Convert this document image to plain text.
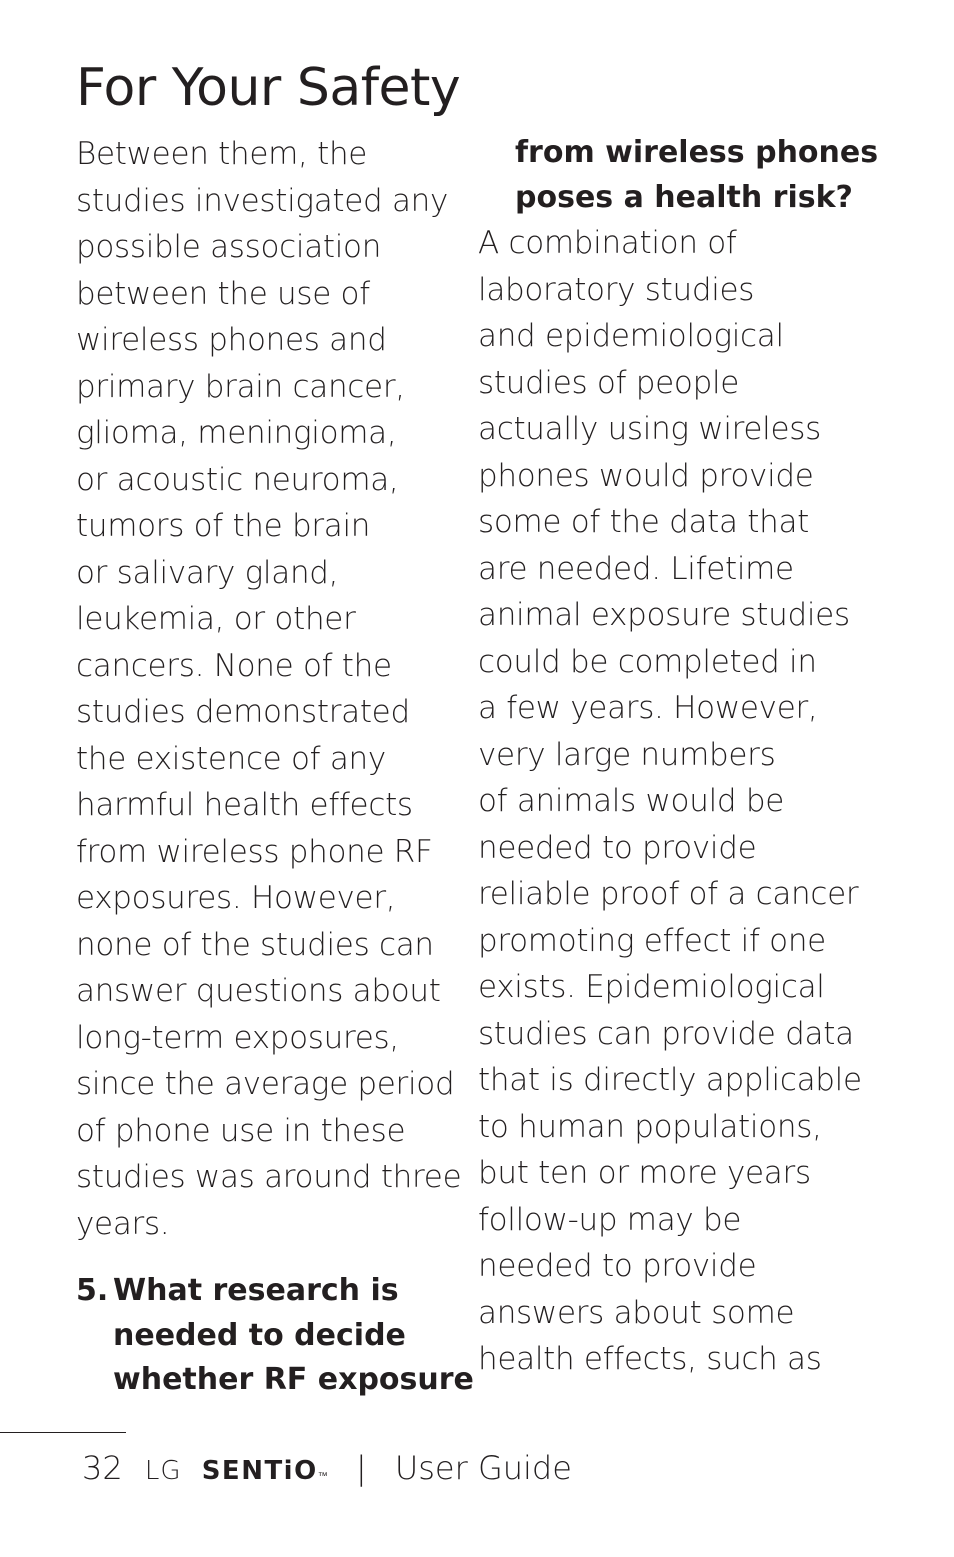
For Your Safety

Between them, the
studies investigated any
possible association
between the use of
wireless phones and
primary brain cancer,
glioma, meningioma,
or acoustic neuroma,
tumors of the brain
or salivary gland,
leukemia, or other
cancers. None of the
studies demonstrated
the existence of any
harmful health effects
from wireless phone RF
exposures. However,
none of the studies can
answer questions about
long-term exposures,
since the average period
of phone use in these
studies was around three
years.

5. What research is
needed to decide
whether RF exposure
from wireless phones
poses a health risk?

A combination of
laboratory studies
and epidemiological
studies of people
actually using wireless
phones would provide
some of the data that
are needed. Lifetime
animal exposure studies
could be completed in
a few years. However,
very large numbers
of animals would be
needed to provide
reliable proof of a cancer
promoting effect if one
exists. Epidemiological
studies can provide data
that is directly applicable
to human populations,
but ten or more years
follow-up may be
needed to provide
answers about some
health effects, such as

32 LG SENTiO™ | User Guide
